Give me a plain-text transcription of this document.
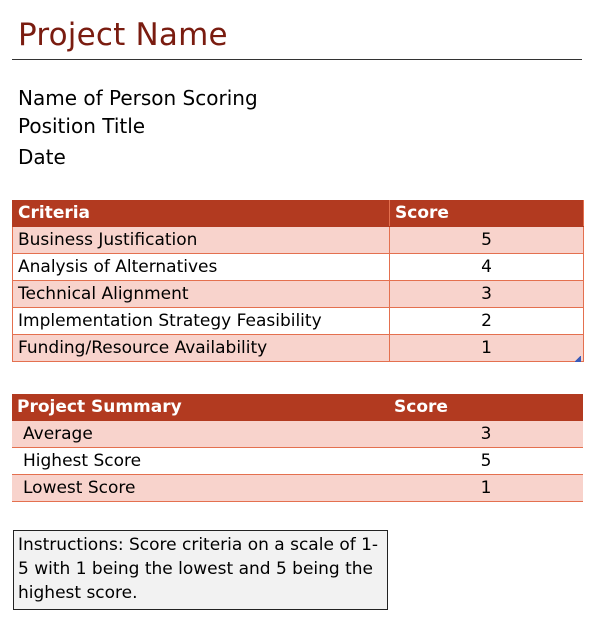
Project Name
Name of Person Scoring
Position Title
Date
Criteria	Score
Business Justification	5
Analysis of Alternatives	4
Technical Alignment	3
Implementation Strategy Feasibility	2
Funding/Resource Availability	1
Project Summary	Score
Average	3
Highest Score	5
Lowest Score	1
Instructions: Score criteria on a scale of 1-5 with 1 being the lowest and 5 being the highest score.
